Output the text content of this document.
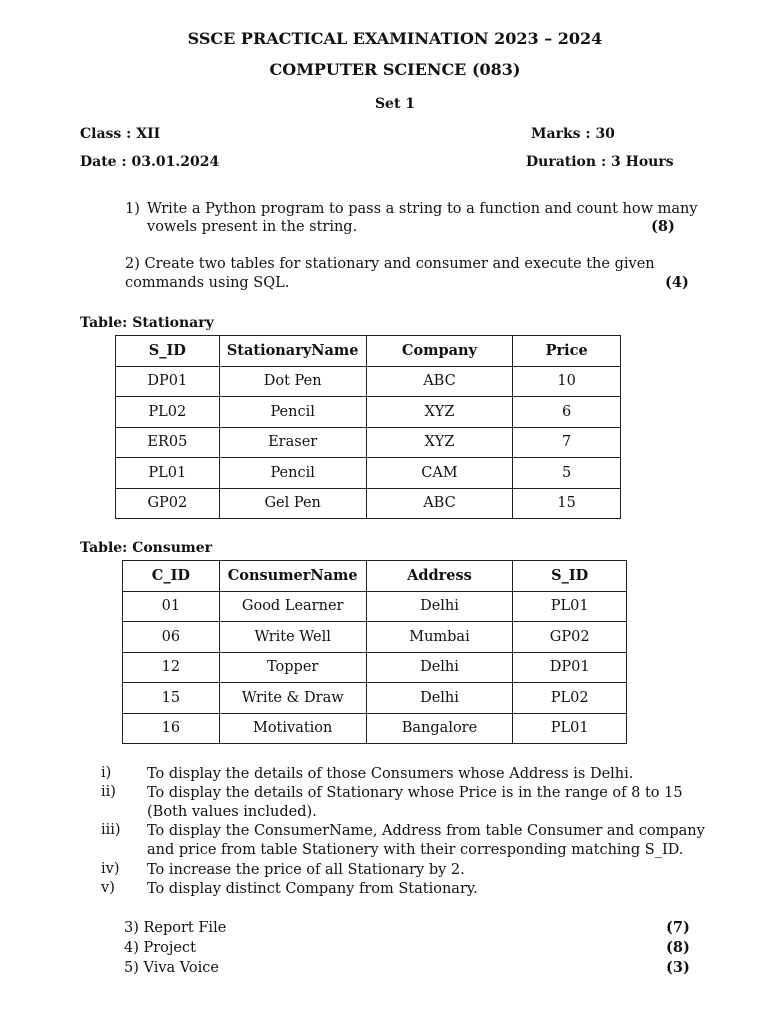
SSCE PRACTICAL EXAMINATION 2023 – 2024
COMPUTER SCIENCE (083)
Set 1
Class : XII	Marks : 30
Date : 03.01.2024	Duration : 3 Hours
1) Write a Python program to pass a string to a function and count how many
vowels present in the string.	(8)
2) Create two tables for stationary and consumer and execute the given
commands using SQL.	(4)
Table: Stationary
S_ID	StationaryName	Company	Price
DP01	Dot Pen	ABC	10
PL02	Pencil	XYZ	6
ER05	Eraser	XYZ	7
PL01	Pencil	CAM	5
GP02	Gel Pen	ABC	15
Table: Consumer
C_ID	ConsumerName	Address	S_ID
01	Good Learner	Delhi	PL01
06	Write Well	Mumbai	GP02
12	Topper	Delhi	DP01
15	Write & Draw	Delhi	PL02
16	Motivation	Bangalore	PL01
i) To display the details of those Consumers whose Address is Delhi.
ii) To display the details of Stationary whose Price is in the range of 8 to 15
(Both values included).
iii) To display the ConsumerName, Address from table Consumer and company
and price from table Stationery with their corresponding matching S_ID.
iv) To increase the price of all Stationary by 2.
v) To display distinct Company from Stationary.
3) Report File	(7)
4) Project	(8)
5) Viva Voice	(3)
